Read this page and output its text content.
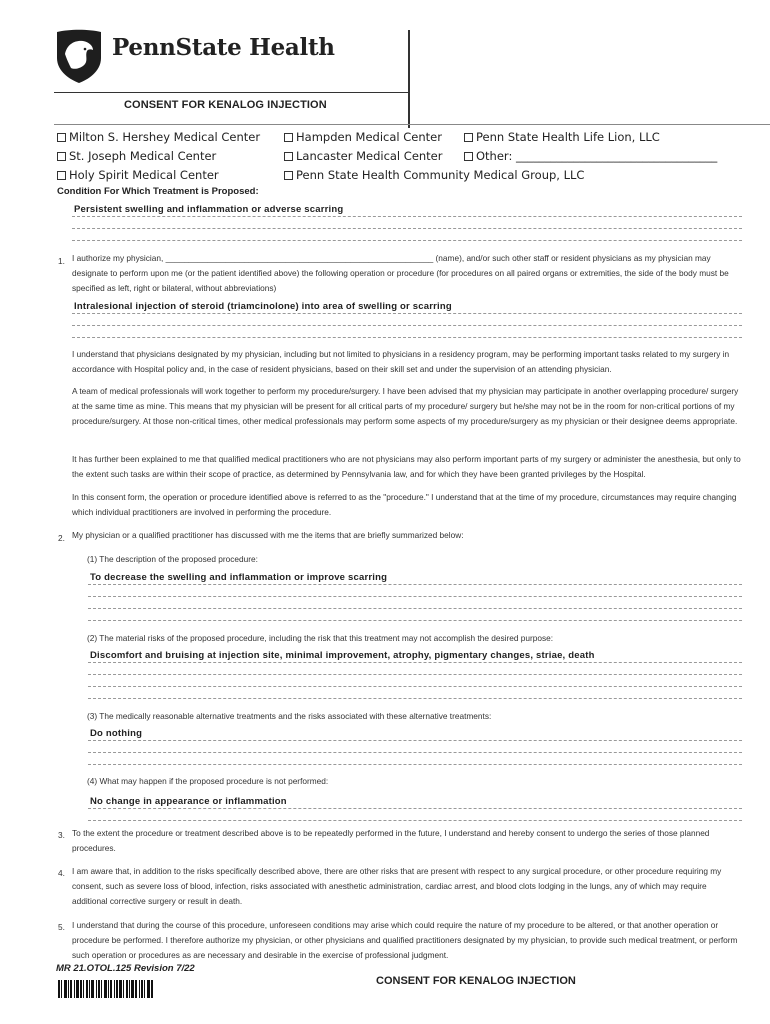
PennState Health
CONSENT FOR KENALOG INJECTION
Milton S. Hershey Medical Center	Hampden Medical Center	Penn State Health Life Lion, LLC
St. Joseph Medical Center	Lancaster Medical Center	Other: ___________________________________
Holy Spirit Medical Center	Penn State Health Community Medical Group, LLC
Condition For Which Treatment is Proposed:
Persistent swelling and inflammation or adverse scarring
1. I authorize my physician, __________________________________________________________ (name), and/or such other staff or resident physicians as my physician may designate to perform upon me (or the patient identified above) the following operation or procedure (for procedures on all paired organs or extremities, the side of the body must be specified as left, right or bilateral, without abbreviations)
Intralesional injection of steroid (triamcinolone) into area of swelling or scarring
I understand that physicians designated by my physician, including but not limited to physicians in a residency program, may be performing important tasks related to my surgery in accordance with Hospital policy and, in the case of resident physicians, based on their skill set and under the supervision of an attending physician.
A team of medical professionals will work together to perform my procedure/surgery. I have been advised that my physician may participate in another overlapping procedure/ surgery at the same time as mine. This means that my physician will be present for all critical parts of my procedure/ surgery but he/she may not be in the room for non-critical portions of my procedure/surgery. At those non-critical times, other medical professionals may perform some aspects of my procedure/surgery as my physician or their designee deems appropriate.
It has further been explained to me that qualified medical practitioners who are not physicians may also perform important parts of my surgery or administer the anesthesia, but only to the extent such tasks are within their scope of practice, as determined by Pennsylvania law, and for which they have been granted privileges by the Hospital.
In this consent form, the operation or procedure identified above is referred to as the "procedure." I understand that at the time of my procedure, circumstances may require changing which individual practitioners are involved in performing the procedure.
2. My physician or a qualified practitioner has discussed with me the items that are briefly summarized below:
(1) The description of the proposed procedure:
To decrease the swelling and inflammation or improve scarring
(2) The material risks of the proposed procedure, including the risk that this treatment may not accomplish the desired purpose:
Discomfort and bruising at injection site, minimal improvement, atrophy, pigmentary changes, striae, death
(3) The medically reasonable alternative treatments and the risks associated with these alternative treatments:
Do nothing
(4) What may happen if the proposed procedure is not performed:
No change in appearance or inflammation
3. To the extent the procedure or treatment described above is to be repeatedly performed in the future, I understand and hereby consent to undergo the series of those planned procedures.
4. I am aware that, in addition to the risks specifically described above, there are other risks that are present with respect to any surgical procedure, or other procedure requiring my consent, such as severe loss of blood, infection, risks associated with anesthetic administration, cardiac arrest, and blood clots lodging in the lungs, any of which may require additional corrective surgery or result in death.
5. I understand that during the course of this procedure, unforeseen conditions may arise which could require the nature of my procedure to be altered, or that another operation or procedure be performed. I therefore authorize my physician, or other physicians and qualified practitioners designated by my physician, to provide such medical treatment, or perform such operation or procedures as are necessary and desirable in the exercise of professional judgment.
MR 21.OTOL.125 Revision 7/22
CONSENT FOR KENALOG INJECTION
